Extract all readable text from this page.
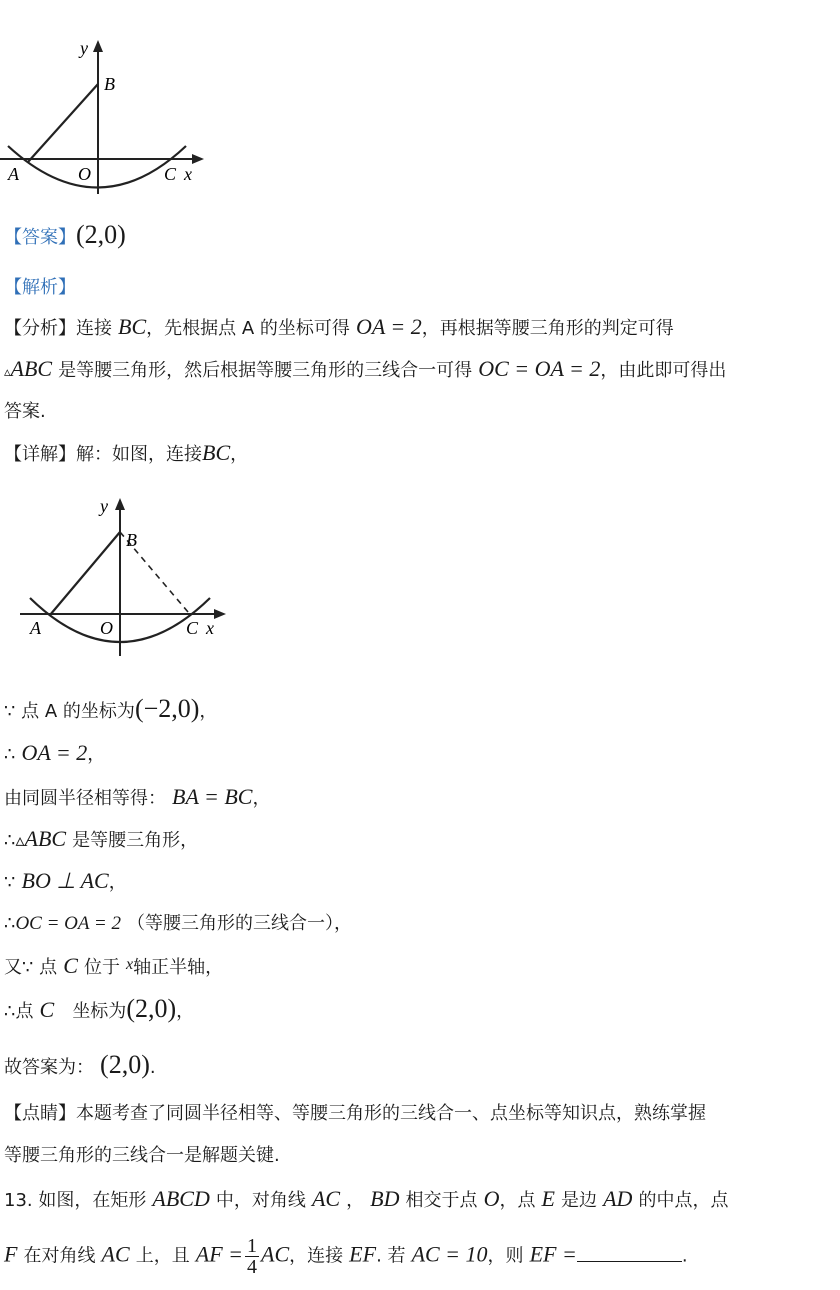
y
B
A	O	C x
【答案】(2,0)
【解析】
【分析】连接 BC，先根据点 A 的坐标可得 OA = 2，再根据等腰三角形的判定可得
▵ABC 是等腰三角形，然后根据等腰三角形的三线合一可得 OC = OA = 2，由此即可得出
答案.
【详解】解：如图，连接BC，
y
B
A	O	C x
∵ 点 A 的坐标为(−2,0)，
∴ OA = 2，
由同圆半径相等得： BA = BC，
∴▵ABC 是等腰三角形，
∵ BO ⊥ AC，
∴OC = OA = 2 （等腰三角形的三线合一），
又∵ 点 C 位于 $^x$轴正半轴，
∴点 C 坐标为(2,0)，
故答案为： (2,0).
【点睛】本题考查了同圆半径相等、等腰三角形的三线合一、点坐标等知识点，熟练掌握
等腰三角形的三线合一是解题关键.
13. 如图，在矩形 ABCD 中，对角线 AC ， BD 相交于点 O，点 E 是边 AD 的中点，点
F 在对角线 AC 上，且 AF = $\frac{1}{4}$ AC，连接 EF. 若 AC = 10，则 EF =	.
